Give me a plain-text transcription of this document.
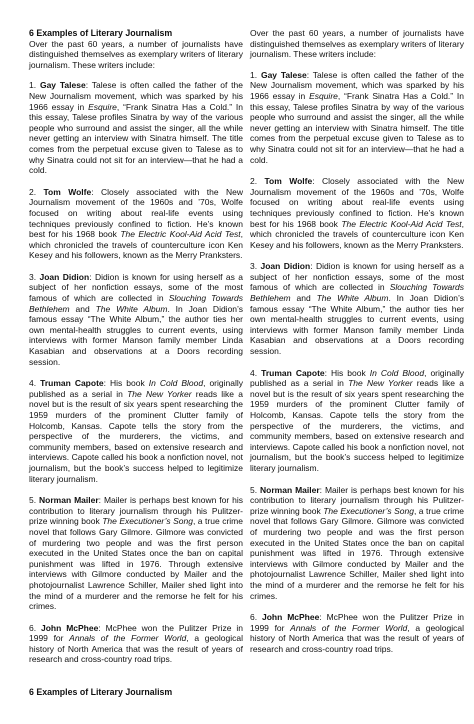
6 Examples of Literary Journalism

Over the past 60 years, a number of journalists have distinguished themselves as exemplary writers of literary journalism. These writers include:

1. Gay Talese: Talese is often called the father of the New Journalism movement, which was sparked by his 1966 essay in Esquire, “Frank Sinatra Has a Cold.” In this essay, Talese profiles Sinatra by way of the various people who surround and assist the singer, all the while never getting an interview with Sinatra himself. The title comes from the perpetual excuse given to Talese as to why Sinatra could not sit for an interview—that he had a cold.

2. Tom Wolfe: Closely associated with the New Journalism movement of the 1960s and ’70s, Wolfe focused on writing about real-life events using techniques previously confined to fiction. He’s known best for his 1968 book The Electric Kool-Aid Acid Test, which chronicled the travels of counterculture icon Ken Kesey and his followers, known as the Merry Pranksters.

3. Joan Didion: Didion is known for using herself as a subject of her nonfiction essays, some of the most famous of which are collected in Slouching Towards Bethlehem and The White Album. In Joan Didion’s famous essay “The White Album,” the author ties her own mental-health struggles to current events, using interviews with former Manson family member Linda Kasabian and observations at a Doors recording session.

4. Truman Capote: His book In Cold Blood, originally published as a serial in The New Yorker reads like a novel but is the result of six years spent researching the 1959 murders of the prominent Clutter family of Holcomb, Kansas. Capote tells the story from the perspective of the murderers, the victims, and community members, based on extensive research and interviews. Capote called his book a nonfiction novel, not journalism, but the book’s success helped to legitimize literary journalism.

5. Norman Mailer: Mailer is perhaps best known for his contribution to literary journalism through his Pulitzer-prize winning book The Executioner’s Song, a true crime novel that follows Gary Gilmore. Gilmore was convicted of murdering two people and was the first person executed in the United States once the ban on capital punishment was lifted in 1976. Through extensive interviews with Gilmore conducted by Mailer and the photojournalist Lawrence Schiller, Mailer shed light into the mind of a murderer and the remorse he felt for his crimes.

6. John McPhee: McPhee won the Pulitzer Prize in 1999 for Annals of the Former World, a geological history of North America that was the result of years of research and cross-country road trips.

Over the past 60 years, a number of journalists have distinguished themselves as exemplary writers of literary journalism. These writers include:

1. Gay Talese: Talese is often called the father of the New Journalism movement, which was sparked by his 1966 essay in Esquire, “Frank Sinatra Has a Cold.” In this essay, Talese profiles Sinatra by way of the various people who surround and assist the singer, all the while never getting an interview with Sinatra himself. The title comes from the perpetual excuse given to Talese as to why Sinatra could not sit for an interview—that he had a cold.

2. Tom Wolfe: Closely associated with the New Journalism movement of the 1960s and ’70s, Wolfe focused on writing about real-life events using techniques previously confined to fiction. He’s known best for his 1968 book The Electric Kool-Aid Acid Test, which chronicled the travels of counterculture icon Ken Kesey and his followers, known as the Merry Pranksters.

3. Joan Didion: Didion is known for using herself as a subject of her nonfiction essays, some of the most famous of which are collected in Slouching Towards Bethlehem and The White Album. In Joan Didion’s famous essay “The White Album,” the author ties her own mental-health struggles to current events, using interviews with former Manson family member Linda Kasabian and observations at a Doors recording session.

4. Truman Capote: His book In Cold Blood, originally published as a serial in The New Yorker reads like a novel but is the result of six years spent researching the 1959 murders of the prominent Clutter family of Holcomb, Kansas. Capote tells the story from the perspective of the murderers, the victims, and community members, based on extensive research and interviews. Capote called his book a nonfiction novel, not journalism, but the book’s success helped to legitimize literary journalism.

5. Norman Mailer: Mailer is perhaps best known for his contribution to literary journalism through his Pulitzer-prize winning book The Executioner’s Song, a true crime novel that follows Gary Gilmore. Gilmore was convicted of murdering two people and was the first person executed in the United States once the ban on capital punishment was lifted in 1976. Through extensive interviews with Gilmore conducted by Mailer and the photojournalist Lawrence Schiller, Mailer shed light into the mind of a murderer and the remorse he felt for his crimes.

6. John McPhee: McPhee won the Pulitzer Prize in 1999 for Annals of the Former World, a geological history of North America that was the result of years of research and cross-country road trips.

6 Examples of Literary Journalism
